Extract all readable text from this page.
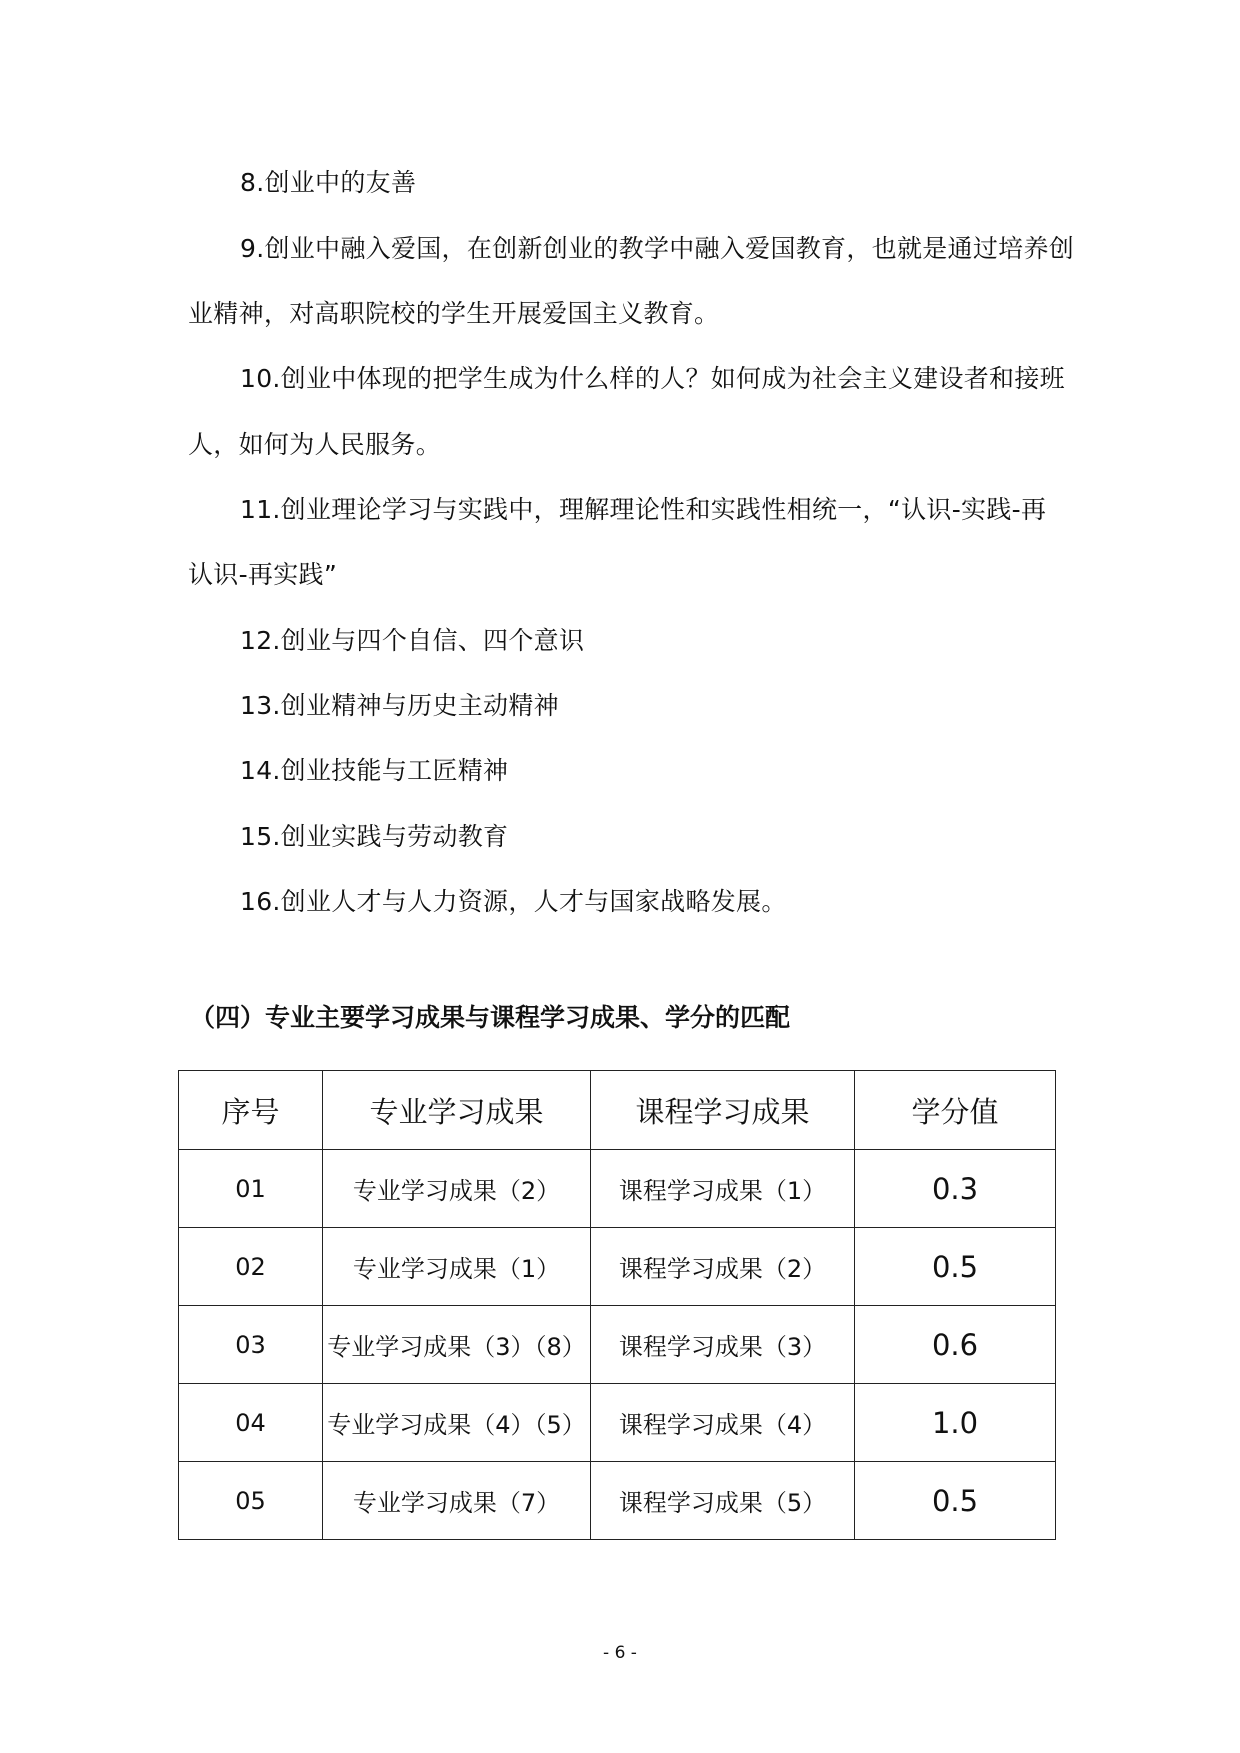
8.创业中的友善
9.创业中融入爱国，在创新创业的教学中融入爱国教育，也就是通过培养创
业精神，对高职院校的学生开展爱国主义教育。
10.创业中体现的把学生成为什么样的人？如何成为社会主义建设者和接班
人，如何为人民服务。
11.创业理论学习与实践中，理解理论性和实践性相统一，“认识-实践-再
认识-再实践”
12.创业与四个自信、四个意识
13.创业精神与历史主动精神
14.创业技能与工匠精神
15.创业实践与劳动教育
16.创业人才与人力资源，人才与国家战略发展。
（四）专业主要学习成果与课程学习成果、学分的匹配
序号	专业学习成果	课程学习成果	学分值
01	专业学习成果（2）	课程学习成果（1）	0.3
02	专业学习成果（1）	课程学习成果（2）	0.5
03	专业学习成果（3）（8）	课程学习成果（3）	0.6
04	专业学习成果（4）（5）	课程学习成果（4）	1.0
05	专业学习成果（7）	课程学习成果（5）	0.5
- 6 -
